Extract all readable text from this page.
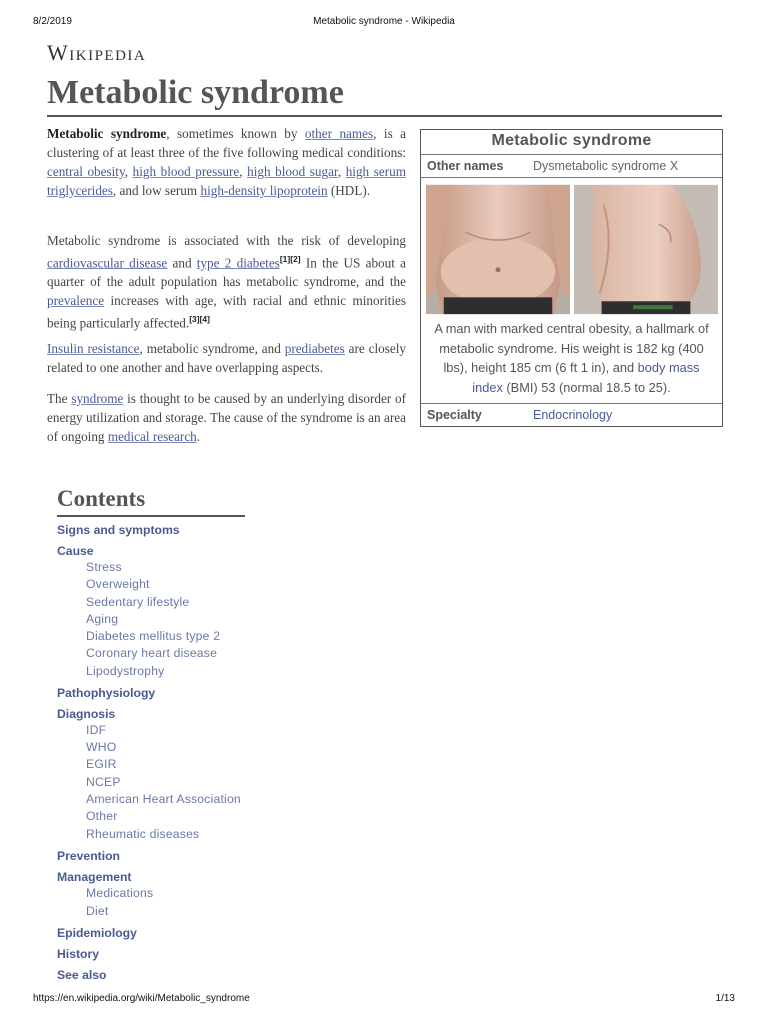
8/2/2019	Metabolic syndrome - Wikipedia
Wikipedia
Metabolic syndrome

Metabolic syndrome, sometimes known by other names, is a clustering of at least three of the five following medical conditions: central obesity, high blood pressure, high blood sugar, high serum triglycerides, and low serum high-density lipoprotein (HDL).

Metabolic syndrome is associated with the risk of developing cardiovascular disease and type 2 diabetes[1][2] In the US about a quarter of the adult population has metabolic syndrome, and the prevalence increases with age, with racial and ethnic minorities being particularly affected.[3][4]

Insulin resistance, metabolic syndrome, and prediabetes are closely related to one another and have overlapping aspects.

The syndrome is thought to be caused by an underlying disorder of energy utilization and storage. The cause of the syndrome is an area of ongoing medical research.

Metabolic syndrome
Other names	Dysmetabolic syndrome X
A man with marked central obesity, a hallmark of metabolic syndrome. His weight is 182 kg (400 lbs), height 185 cm (6 ft 1 in), and body mass index (BMI) 53 (normal 18.5 to 25).
Specialty	Endocrinology
Contents
Signs and symptoms
Cause
Stress
Overweight
Sedentary lifestyle
Aging
Diabetes mellitus type 2
Coronary heart disease
Lipodystrophy
Pathophysiology
Diagnosis
IDF
WHO
EGIR
NCEP
American Heart Association
Other
Rheumatic diseases
Prevention
Management
Medications
Diet
Epidemiology
History
See also
https://en.wikipedia.org/wiki/Metabolic_syndrome	1/13
